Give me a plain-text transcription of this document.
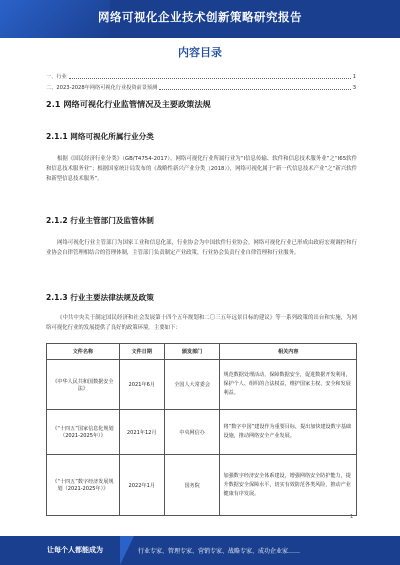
网络可视化企业技术创新策略研究报告
内容目录
一、行业	1
二、2023-2028年网络可视化行业投资前景预测	3
2.1 网络可视化行业监管情况及主要政策法规
2.1.1 网络可视化所属行业分类

根据《国民经济行业分类》（GB/T4754-2017），网络可视化行业所属行业为“I信息传输、软件和信息技术服务业”之“I65软件和信息技术服务业”；根据国家统计局发布的《战略性新兴产业分类（2018）》，网络可视化属于“新一代信息技术产业”之“新兴软件和新型信息技术服务”。

2.1.2 行业主管部门及监管体制

网络可视化行业主管部门为国家工业和信息化部，行业协会为中国软件行业协会。网络可视化行业已形成由政府宏观调控和行业协会自律管理相结合的管理体制，主管部门负责制定产业政策，行业协会负责行业自律管理和行业服务。

2.1.3 行业主要法律法规及政策

《中共中央关于制定国民经济和社会发展第十四个五年规划和二〇三五年远景目标的建议》等一系列政策的出台和实施，为网络可视化行业的发展提供了良好的政策环境。主要如下：

文件名称	文件日期	颁发部门	相关内容
《中华人民共和国数据安全法》	2021年6月	全国人大常委会	规范数据处理活动，保障数据安全，促进数据开发利用，保护个人、组织的合法权益，维护国家主权、安全和发展利益。
《“十四五”国家信息化规划（2021-2025年）》	2021年12月	中央网信办	将“数字中国”建设作为重要目标，提出加快建设数字基础设施，推动网络安全产业发展。
《“十四五”数字经济发展规划（2021-2025年）》	2022年1月	国务院	加强数字经济安全体系建设，增强网络安全防护能力，提升数据安全保障水平，切实有效防范各类风险，推动产业健康有序发展。
1
让每个人都能成为	行业专家、管理专家、营销专家、战略专家、成功企业家……
